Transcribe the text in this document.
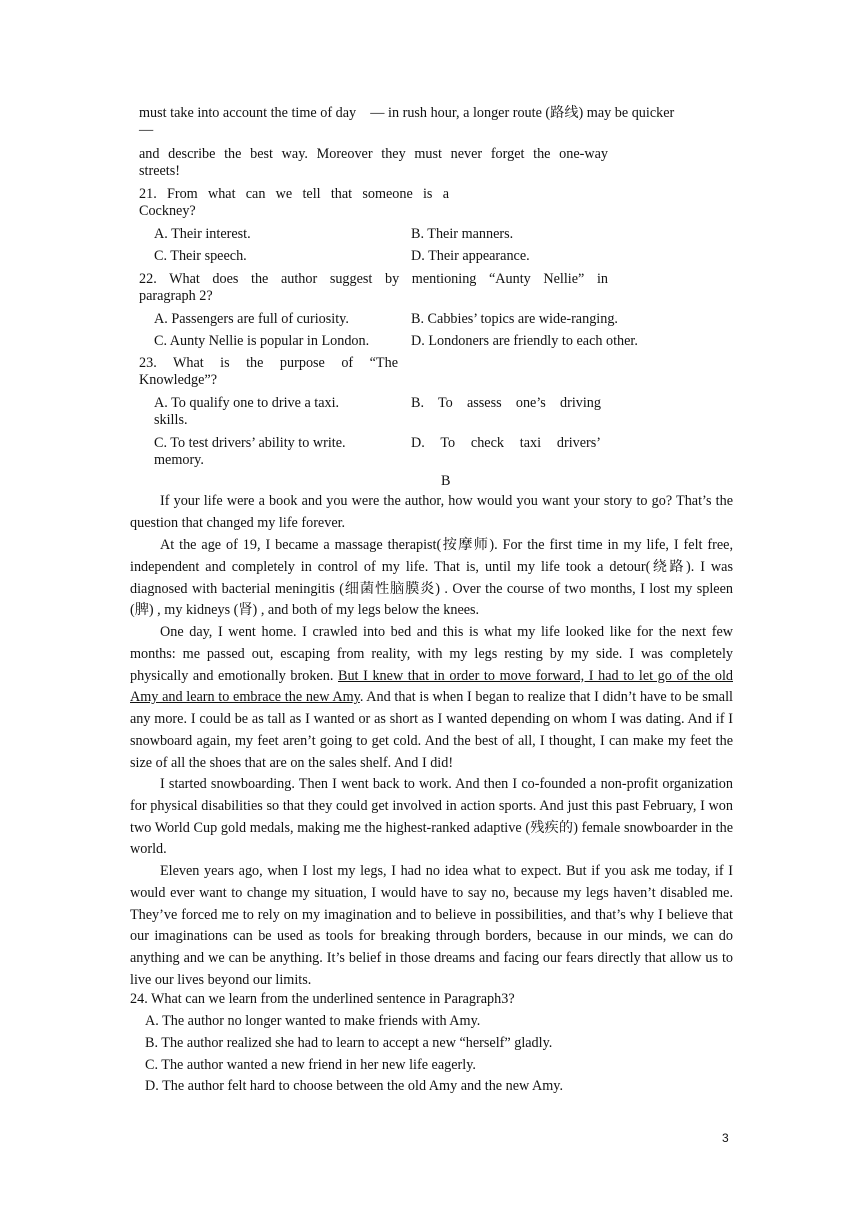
must take into account the time of day　— in rush hour, a longer route (路线) may be quicker
—
and describe the best way. Moreover they must never forget the one-way
streets!
21. From what can we tell that someone is a
Cockney?
A. Their interest.	B. Their manners.
C. Their speech.	D. Their appearance.
22. What does the author suggest by mentioning “Aunty Nellie” in
paragraph 2?
A. Passengers are full of curiosity.	B. Cabbies’ topics are wide-ranging.
C. Aunty Nellie is popular in London.	D. Londoners are friendly to each other.
23. What is the purpose of “The
Knowledge”?
A. To qualify one to drive a taxi.	B. To assess one’s driving
skills.
C. To test drivers’ ability to write.	D. To check taxi drivers’
memory.
B
If your life were a book and you were the author, how would you want your story to go? That’s the question that changed my life forever.
At the age of 19, I became a massage therapist(按摩师). For the first time in my life, I felt free, independent and completely in control of my life. That is, until my life took a detour(绕路). I was　diagnosed with bacterial meningitis (细菌性脑膜炎) . Over the course of two months, I lost my spleen (脾) , my kidneys (肾) , and both of my legs below the knees.
One day, I went home. I crawled into bed and this is what my life looked like for the next few months: me passed out, escaping from reality, with my legs resting by my side. I was completely physically and emotionally broken. But I knew that in order to move forward, I had to let go of the old Amy and learn to embrace the new Amy. And that is when I began to realize that I didn’t have to be small any more. I could be as tall as I wanted or as short as I wanted depending on whom I was dating. And if I snowboard again, my feet aren’t going to get cold. And the best of all, I thought, I can make my feet the size of all the shoes that are on the sales shelf. And I did!
I started snowboarding. Then I went back to work. And then I co-founded a non-profit organization for physical disabilities so that they could get involved in action sports. And just this past February, I won two World Cup gold medals, making me the highest-ranked adaptive (残疾的) female snowboarder in the world.
Eleven years ago, when I lost my legs, I had no idea what to expect. But if you ask me today, if I would ever want to change my situation, I would have to say no, because my legs haven’t disabled me. They’ve forced me to rely on my imagination and to believe in possibilities, and that’s why I believe that our imaginations can be used as tools for breaking through borders, because in our minds, we can do anything and we can be anything. It’s belief in those dreams and facing our fears directly that allow us to live our lives beyond our limits.
24. What can we learn from the underlined sentence in Paragraph3?
A. The author no longer wanted to make friends with Amy.
B. The author realized she had to learn to accept a new “herself” gladly.
C. The author wanted a new friend in her new life eagerly.
D. The author felt hard to choose between the old Amy and the new Amy.
3
